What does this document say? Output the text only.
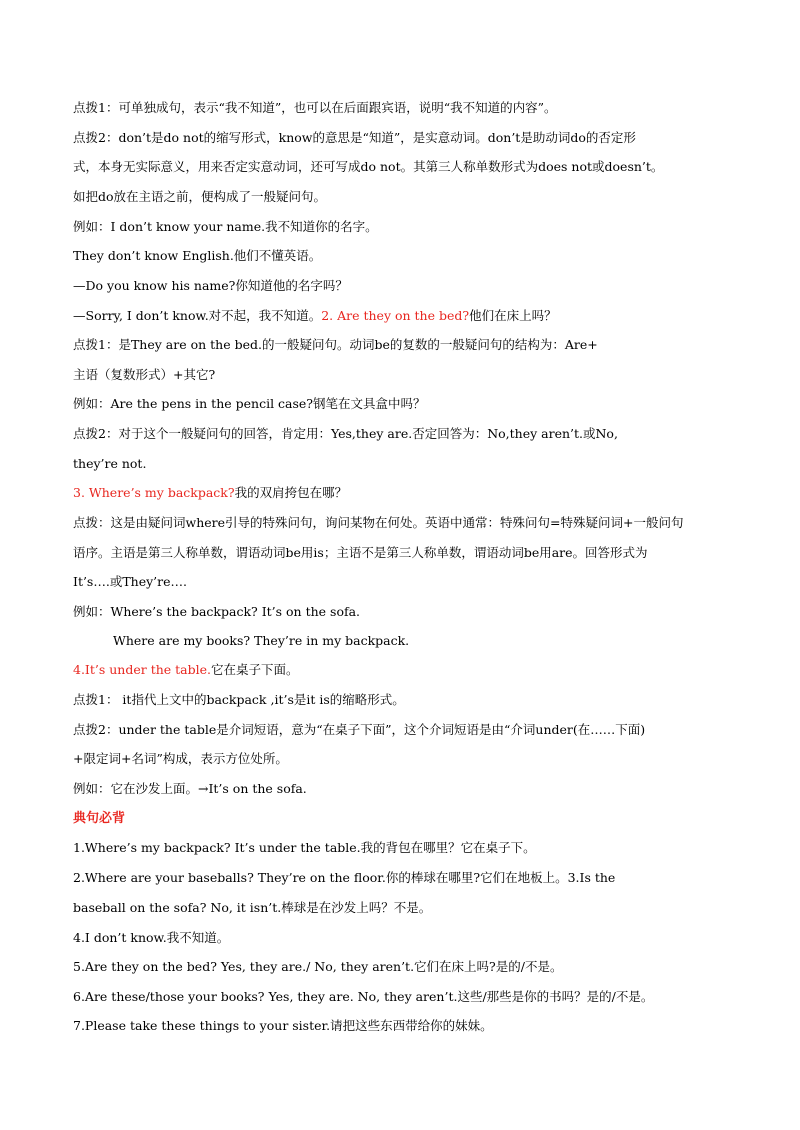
点拨1：可单独成句，表示“我不知道”，也可以在后面跟宾语，说明“我不知道的内容”。
点拨2：don’t是do not的缩写形式，know的意思是“知道”，是实意动词。don’t是助动词do的否定形
式，本身无实际意义，用来否定实意动词，还可写成do not。其第三人称单数形式为does not或doesn’t。
如把do放在主语之前，便构成了一般疑问句。
例如：I don’t know your name.我不知道你的名字。
They don’t know English.他们不懂英语。
—Do you know his name?你知道他的名字吗？
—Sorry, I don’t know.对不起，我不知道。2. Are they on the bed?他们在床上吗？
点拨1：是They are on the bed.的一般疑问句。动词be的复数的一般疑问句的结构为：Are+
主语（复数形式）+其它?
例如：Are the pens in the pencil case?钢笔在文具盒中吗？
点拨2：对于这个一般疑问句的回答，肯定用：Yes,they are.否定回答为：No,they aren’t.或No,
they’re not.
3. Where’s my backpack?我的双肩挎包在哪？
点拨：这是由疑问词where引导的特殊问句，询问某物在何处。英语中通常：特殊问句=特殊疑问词+一般问句
语序。主语是第三人称单数，谓语动词be用is；主语不是第三人称单数，谓语动词be用are。回答形式为
It’s….或They’re….
例如：Where’s the backpack? It’s on the sofa.
Where are my books? They’re in my backpack.
4.It’s under the table.它在桌子下面。
点拨1： it指代上文中的backpack ,it’s是it is的缩略形式。
点拨2：under the table是介词短语，意为“在桌子下面”，这个介词短语是由“介词under(在……下面)
+限定词+名词”构成，表示方位处所。
例如：它在沙发上面。→It’s on the sofa.
典句必背
1.Where’s my backpack? It’s under the table.我的背包在哪里？它在桌子下。
2.Where are your baseballs? They’re on the floor.你的棒球在哪里?它们在地板上。3.Is the
baseball on the sofa? No, it isn’t.棒球是在沙发上吗？不是。
4.I don’t know.我不知道。
5.Are they on the bed? Yes, they are./ No, they aren’t.它们在床上吗?是的/不是。
6.Are these/those your books? Yes, they are. No, they aren’t.这些/那些是你的书吗？是的/不是。
7.Please take these things to your sister.请把这些东西带给你的妹妹。
